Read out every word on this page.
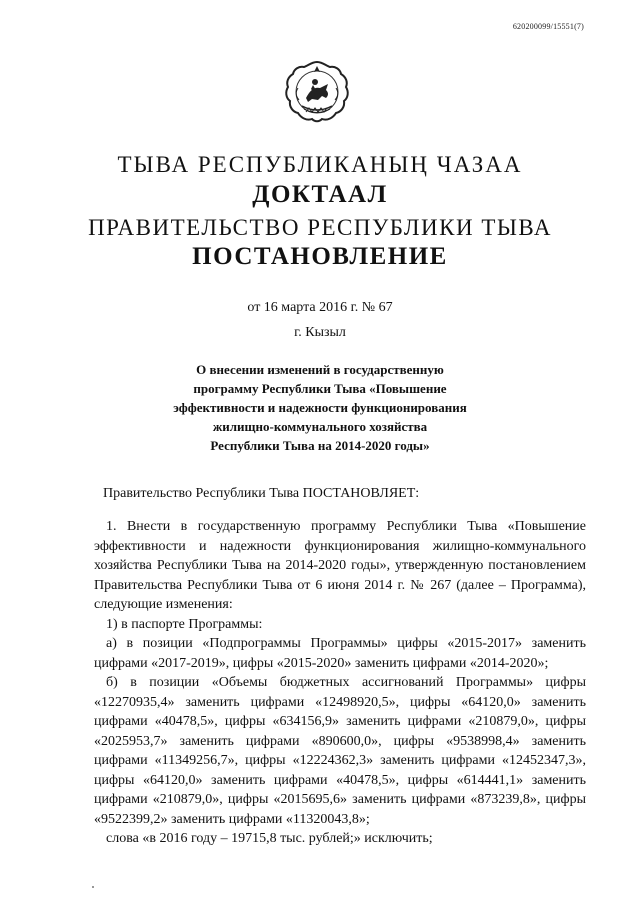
620200099/15551(7)
ТЫВА РЕСПУБЛИКАНЫҢ ЧАЗАА
ДОКТААЛ
ПРАВИТЕЛЬСТВО РЕСПУБЛИКИ ТЫВА
ПОСТАНОВЛЕНИЕ
от 16 марта 2016 г. № 67
г. Кызыл
О внесении изменений в государственную
программу Республики Тыва «Повышение
эффективности и надежности функционирования
жилищно-коммунального хозяйства
Республики Тыва на 2014-2020 годы»
Правительство Республики Тыва ПОСТАНОВЛЯЕТ:

1. Внести в государственную программу Республики Тыва «Повышение эффективности и надежности функционирования жилищно-коммунального хозяйства Республики Тыва на 2014-2020 годы», утвержденную постановлением Правительства Республики Тыва от 6 июня 2014 г. № 267 (далее – Программа), следующие изменения:

1) в паспорте Программы:

а) в позиции «Подпрограммы Программы» цифры «2015-2017» заменить цифрами «2017-2019», цифры «2015-2020» заменить цифрами «2014-2020»;

б) в позиции «Объемы бюджетных ассигнований Программы» цифры «12270935,4» заменить цифрами «12498920,5», цифры «64120,0» заменить цифрами «40478,5», цифры «634156,9» заменить цифрами «210879,0», цифры «2025953,7» заменить цифрами «890600,0», цифры «9538998,4» заменить цифрами «11349256,7», цифры «12224362,3» заменить цифрами «12452347,3», цифры «64120,0» заменить цифрами «40478,5», цифры «614441,1» заменить цифрами «210879,0», цифры «2015695,6» заменить цифрами «873239,8», цифры «9522399,2» заменить цифрами «11320043,8»;

слова «в 2016 году – 19715,8 тыс. рублей;» исключить;
